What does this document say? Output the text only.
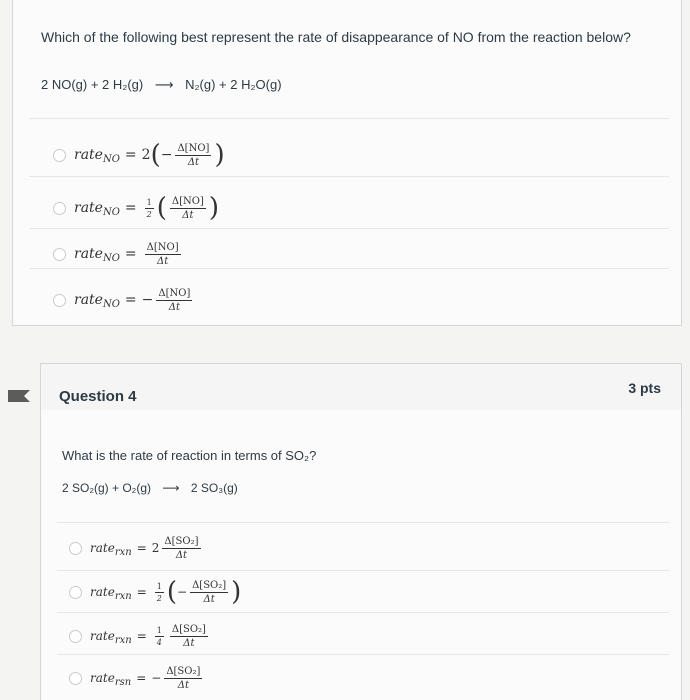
Which of the following best represent the rate of disappearance of NO from the reaction below?
2 NO(g) + 2 H₂(g) ⟶ N₂(g) + 2 H₂O(g)
rate NO = 2 ( − $\frac{\Delta[NO]}{\Delta t}$ )
rate NO = $\frac{1}{2}$ ( $\frac{\Delta[NO]}{\Delta t}$ )
rate NO = $\frac{\Delta[NO]}{\Delta t}$
rate NO = − $\frac{\Delta[NO]}{\Delta t}$
Question 4	3 pts
What is the rate of reaction in terms of SO₂?
2 SO₂(g) + O₂(g) ⟶ 2 SO₃(g)
rate rxn = $2 \frac{\text{Δ[SO₂]}}{\Delta t}$
rate rxn = $\frac{1}{2}$ ( − $\frac{\text{Δ[SO₂]}}{\Delta t}$ )
rate rxn = $\frac{1}{4} \frac{\text{Δ[SO₂]}}{\Delta t}$
rate rsn = − $\frac{\text{Δ[SO₂]}}{\Delta t}$
